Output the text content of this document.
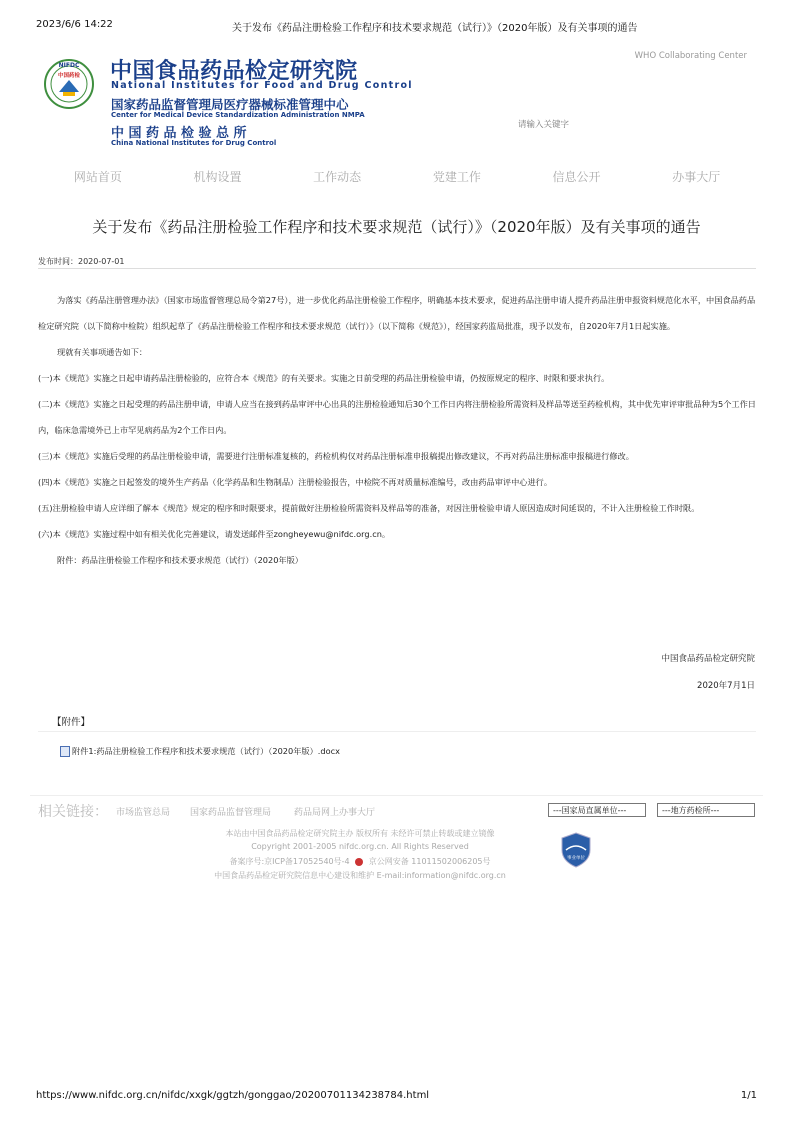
2023/6/6 14:22	关于发布《药品注册检验工作程序和技术要求规范（试行）》（2020年版）及有关事项的通告
NIFDC
中国药检 中国食品药品检定研究院
National Institutes for Food and Drug Control
国家药品监督管理局医疗器械标准管理中心
Center for Medical Device Standardization Administration NMPA
中国药品检验总所
China National Institutes for Drug Control
WHO Collaborating Center
请输入关键字
网站首页	机构设置	工作动态	党建工作	信息公开	办事大厅
关于发布《药品注册检验工作程序和技术要求规范（试行）》（2020年版）及有关事项的通告
发布时间：2020-07-01

为落实《药品注册管理办法》（国家市场监督管理总局令第27号），进一步优化药品注册检验工作程序，明确基本技术要求，促进药品注册申请人提升药品注册申报资料规范化水平，中国食品药品检定研究院（以下简称中检院）组织起草了《药品注册检验工作程序和技术要求规范（试行）》（以下简称《规范》），经国家药监局批准，现予以发布，自2020年7月1日起实施。

现就有关事项通告如下：

(一)本《规范》实施之日起申请药品注册检验的，应符合本《规范》的有关要求。实施之日前受理的药品注册检验申请，仍按原规定的程序、时限和要求执行。

(二)本《规范》实施之日起受理的药品注册申请，申请人应当在接到药品审评中心出具的注册检验通知后30个工作日内将注册检验所需资料及样品等送至药检机构，其中优先审评审批品种为5个工作日内，临床急需境外已上市罕见病药品为2个工作日内。

(三)本《规范》实施后受理的药品注册检验申请，需要进行注册标准复核的，药检机构仅对药品注册标准申报稿提出修改建议，不再对药品注册标准申报稿进行修改。

(四)本《规范》实施之日起签发的境外生产药品（化学药品和生物制品）注册检验报告，中检院不再对质量标准编号，改由药品审评中心进行。

(五)注册检验申请人应详细了解本《规范》规定的程序和时限要求，提前做好注册检验所需资料及样品等的准备，对因注册检验申请人原因造成时间延误的，不计入注册检验工作时限。

(六)本《规范》实施过程中如有相关优化完善建议，请发送邮件至zongheyewu@nifdc.org.cn。

附件：药品注册检验工作程序和技术要求规范（试行）（2020年版）

中国食品药品检定研究院
2020年7月1日
【附件】
附件1:药品注册检验工作程序和技术要求规范（试行）（2020年版）.docx
相关链接： 市场监管总局 国家药品监督管理局	药品局网上办事大厅	---国家局直属单位---	---地方药检所---
本站由中国食品药品检定研究院主办 版权所有 未经许可禁止转载或建立镜像
Copyright 2001-2005 nifdc.org.cn. All Rights Reserved
备案序号:京ICP备17052540号-4 京公网安备 11011502006205号
中国食品药品检定研究院信息中心建设和维护 E-mail:information@nifdc.org.cn
事业单位
https://www.nifdc.org.cn/nifdc/xxgk/ggtzh/gonggao/20200701134238784.html	1/1
